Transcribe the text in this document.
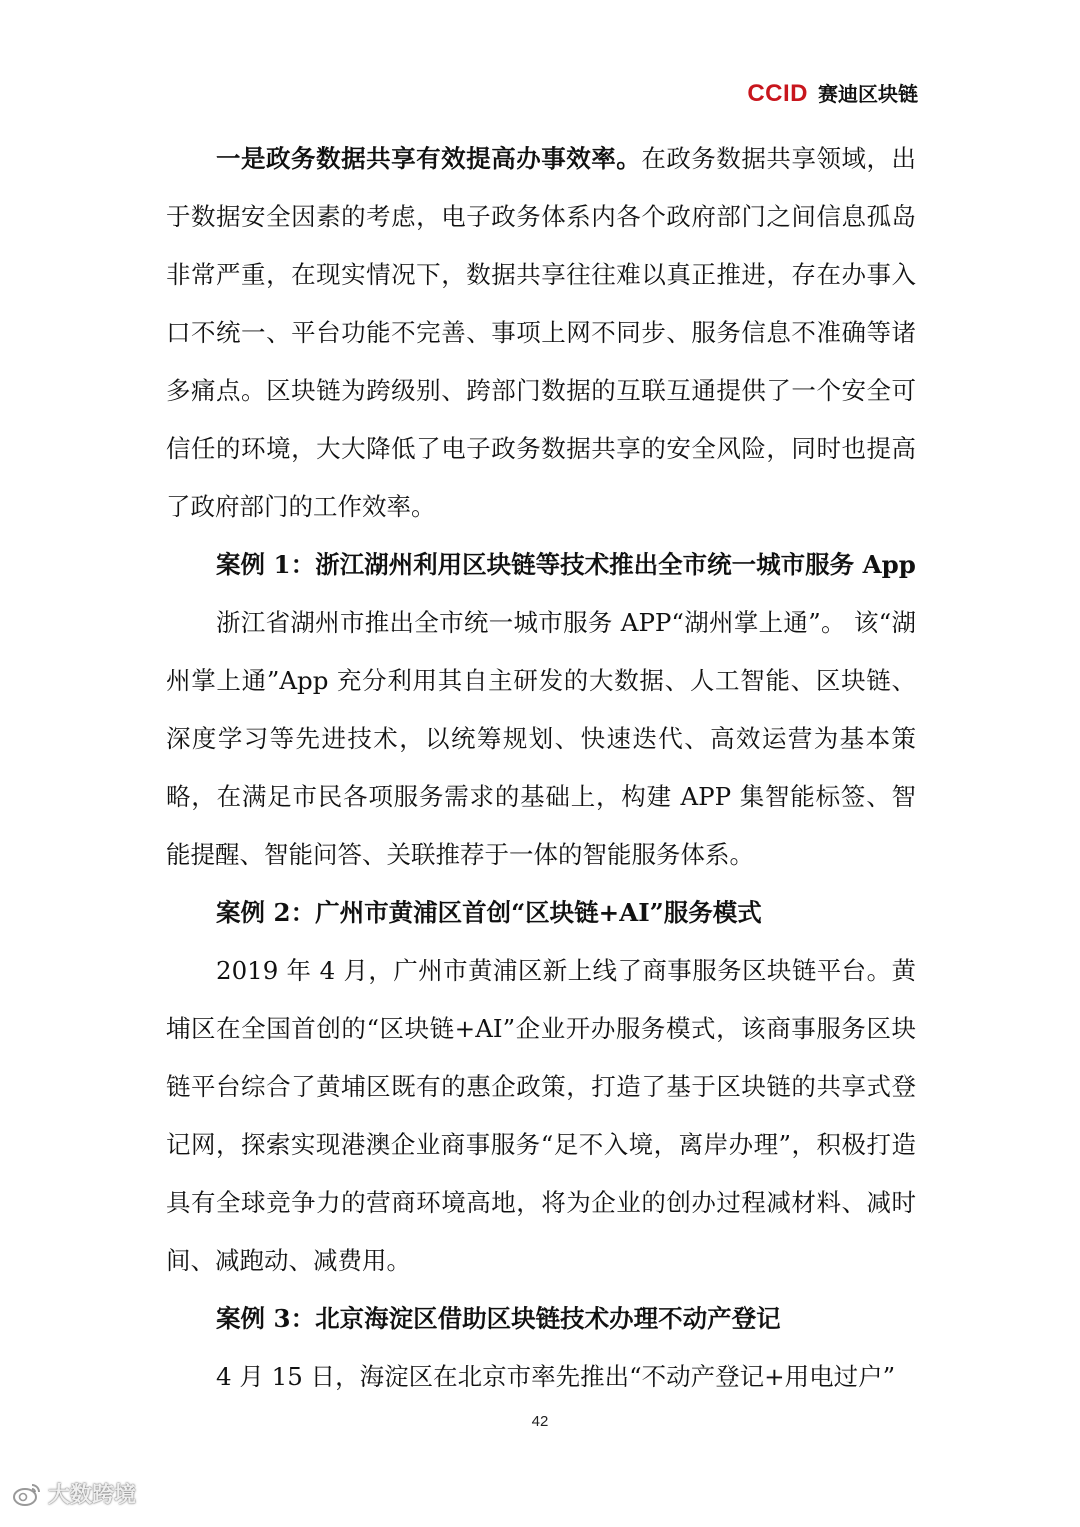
CCID 赛迪区块链

一是政务数据共享有效提高办事效率。在政务数据共享领域，出于数据安全因素的考虑，电子政务体系内各个政府部门之间信息孤岛非常严重，在现实情况下，数据共享往往难以真正推进，存在办事入口不统一、平台功能不完善、事项上网不同步、服务信息不准确等诸多痛点。区块链为跨级别、跨部门数据的互联互通提供了一个安全可信任的环境，大大降低了电子政务数据共享的安全风险，同时也提高了政府部门的工作效率。

案例 1：浙江湖州利用区块链等技术推出全市统一城市服务 App

浙江省湖州市推出全市统一城市服务 APP“湖州掌上通”。 该“湖州掌上通”App 充分利用其自主研发的大数据、人工智能、区块链、深度学习等先进技术，以统筹规划、快速迭代、高效运营为基本策略，在满足市民各项服务需求的基础上，构建 APP 集智能标签、智能提醒、智能问答、关联推荐于一体的智能服务体系。

案例 2：广州市黄浦区首创“区块链+AI”服务模式

2019 年 4 月，广州市黄浦区新上线了商事服务区块链平台。黄埔区在全国首创的“区块链+AI”企业开办服务模式，该商事服务区块链平台综合了黄埔区既有的惠企政策，打造了基于区块链的共享式登记网，探索实现港澳企业商事服务“足不入境，离岸办理”，积极打造具有全球竞争力的营商环境高地，将为企业的创办过程减材料、减时间、减跑动、减费用。

案例 3：北京海淀区借助区块链技术办理不动产登记

4 月 15 日，海淀区在北京市率先推出“不动产登记+用电过户”

42
大数跨境
